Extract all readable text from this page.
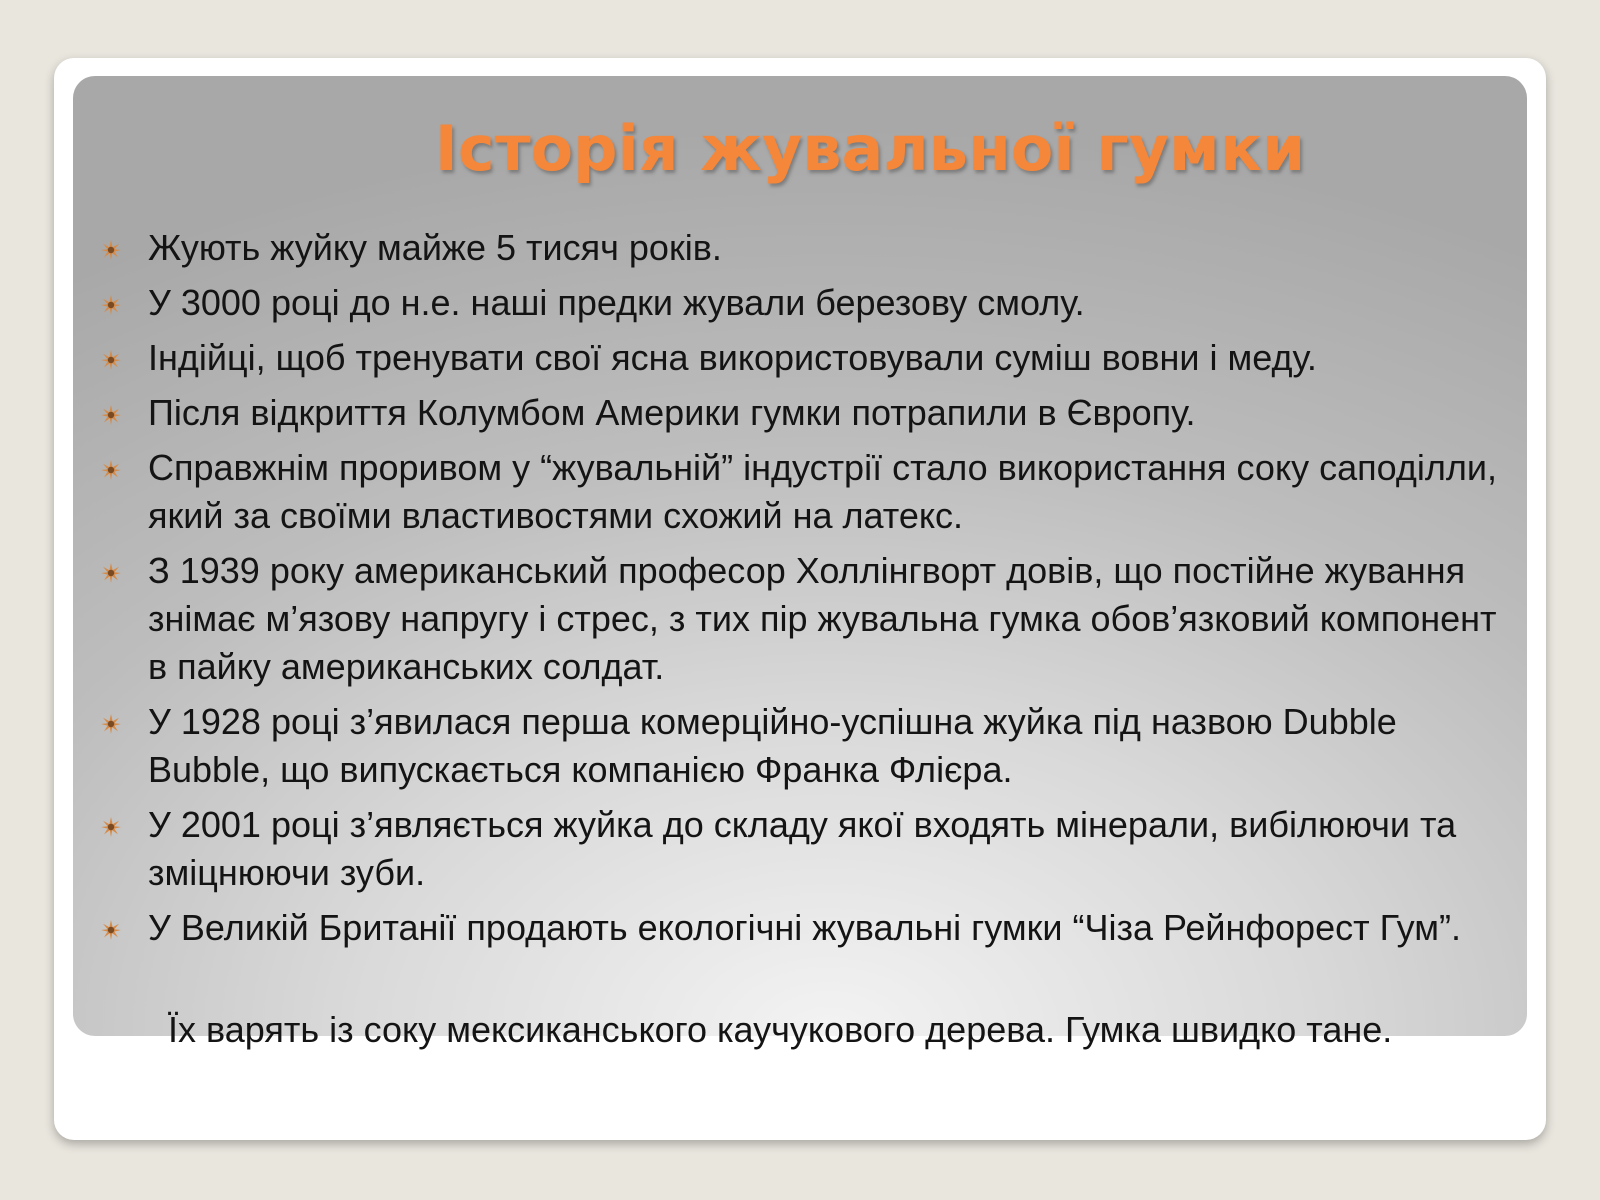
Історія жувальної гумки
Жують жуйку майже 5 тисяч років.
У 3000 році до н.е. наші предки жували березову смолу.
Індійці, щоб тренувати свої ясна використовували суміш вовни і меду.
Після відкриття Колумбом Америки гумки потрапили в Європу.
Справжнім проривом у “жувальній” індустрії стало використання соку саподілли, який за своїми властивостями схожий на латекс.
З 1939 року американський професор Холлінгворт довів, що постійне жування знімає м’язову напругу і стрес, з тих пір жувальна гумка обов’язковий компонент в пайку американських солдат.
У 1928 році з’явилася перша комерційно-успішна жуйка під назвою Dubble Bubble, що випускається компанією Франка Флієра.
У 2001 році з’являється жуйка до складу якої входять мінерали, вибілюючи та зміцнюючи зуби.
У Великій Британії продають екологічні жувальні гумки “Чіза Рейнфорест Гум”.

Їх варять із соку мексиканського каучукового дерева. Гумка швидко тане.
